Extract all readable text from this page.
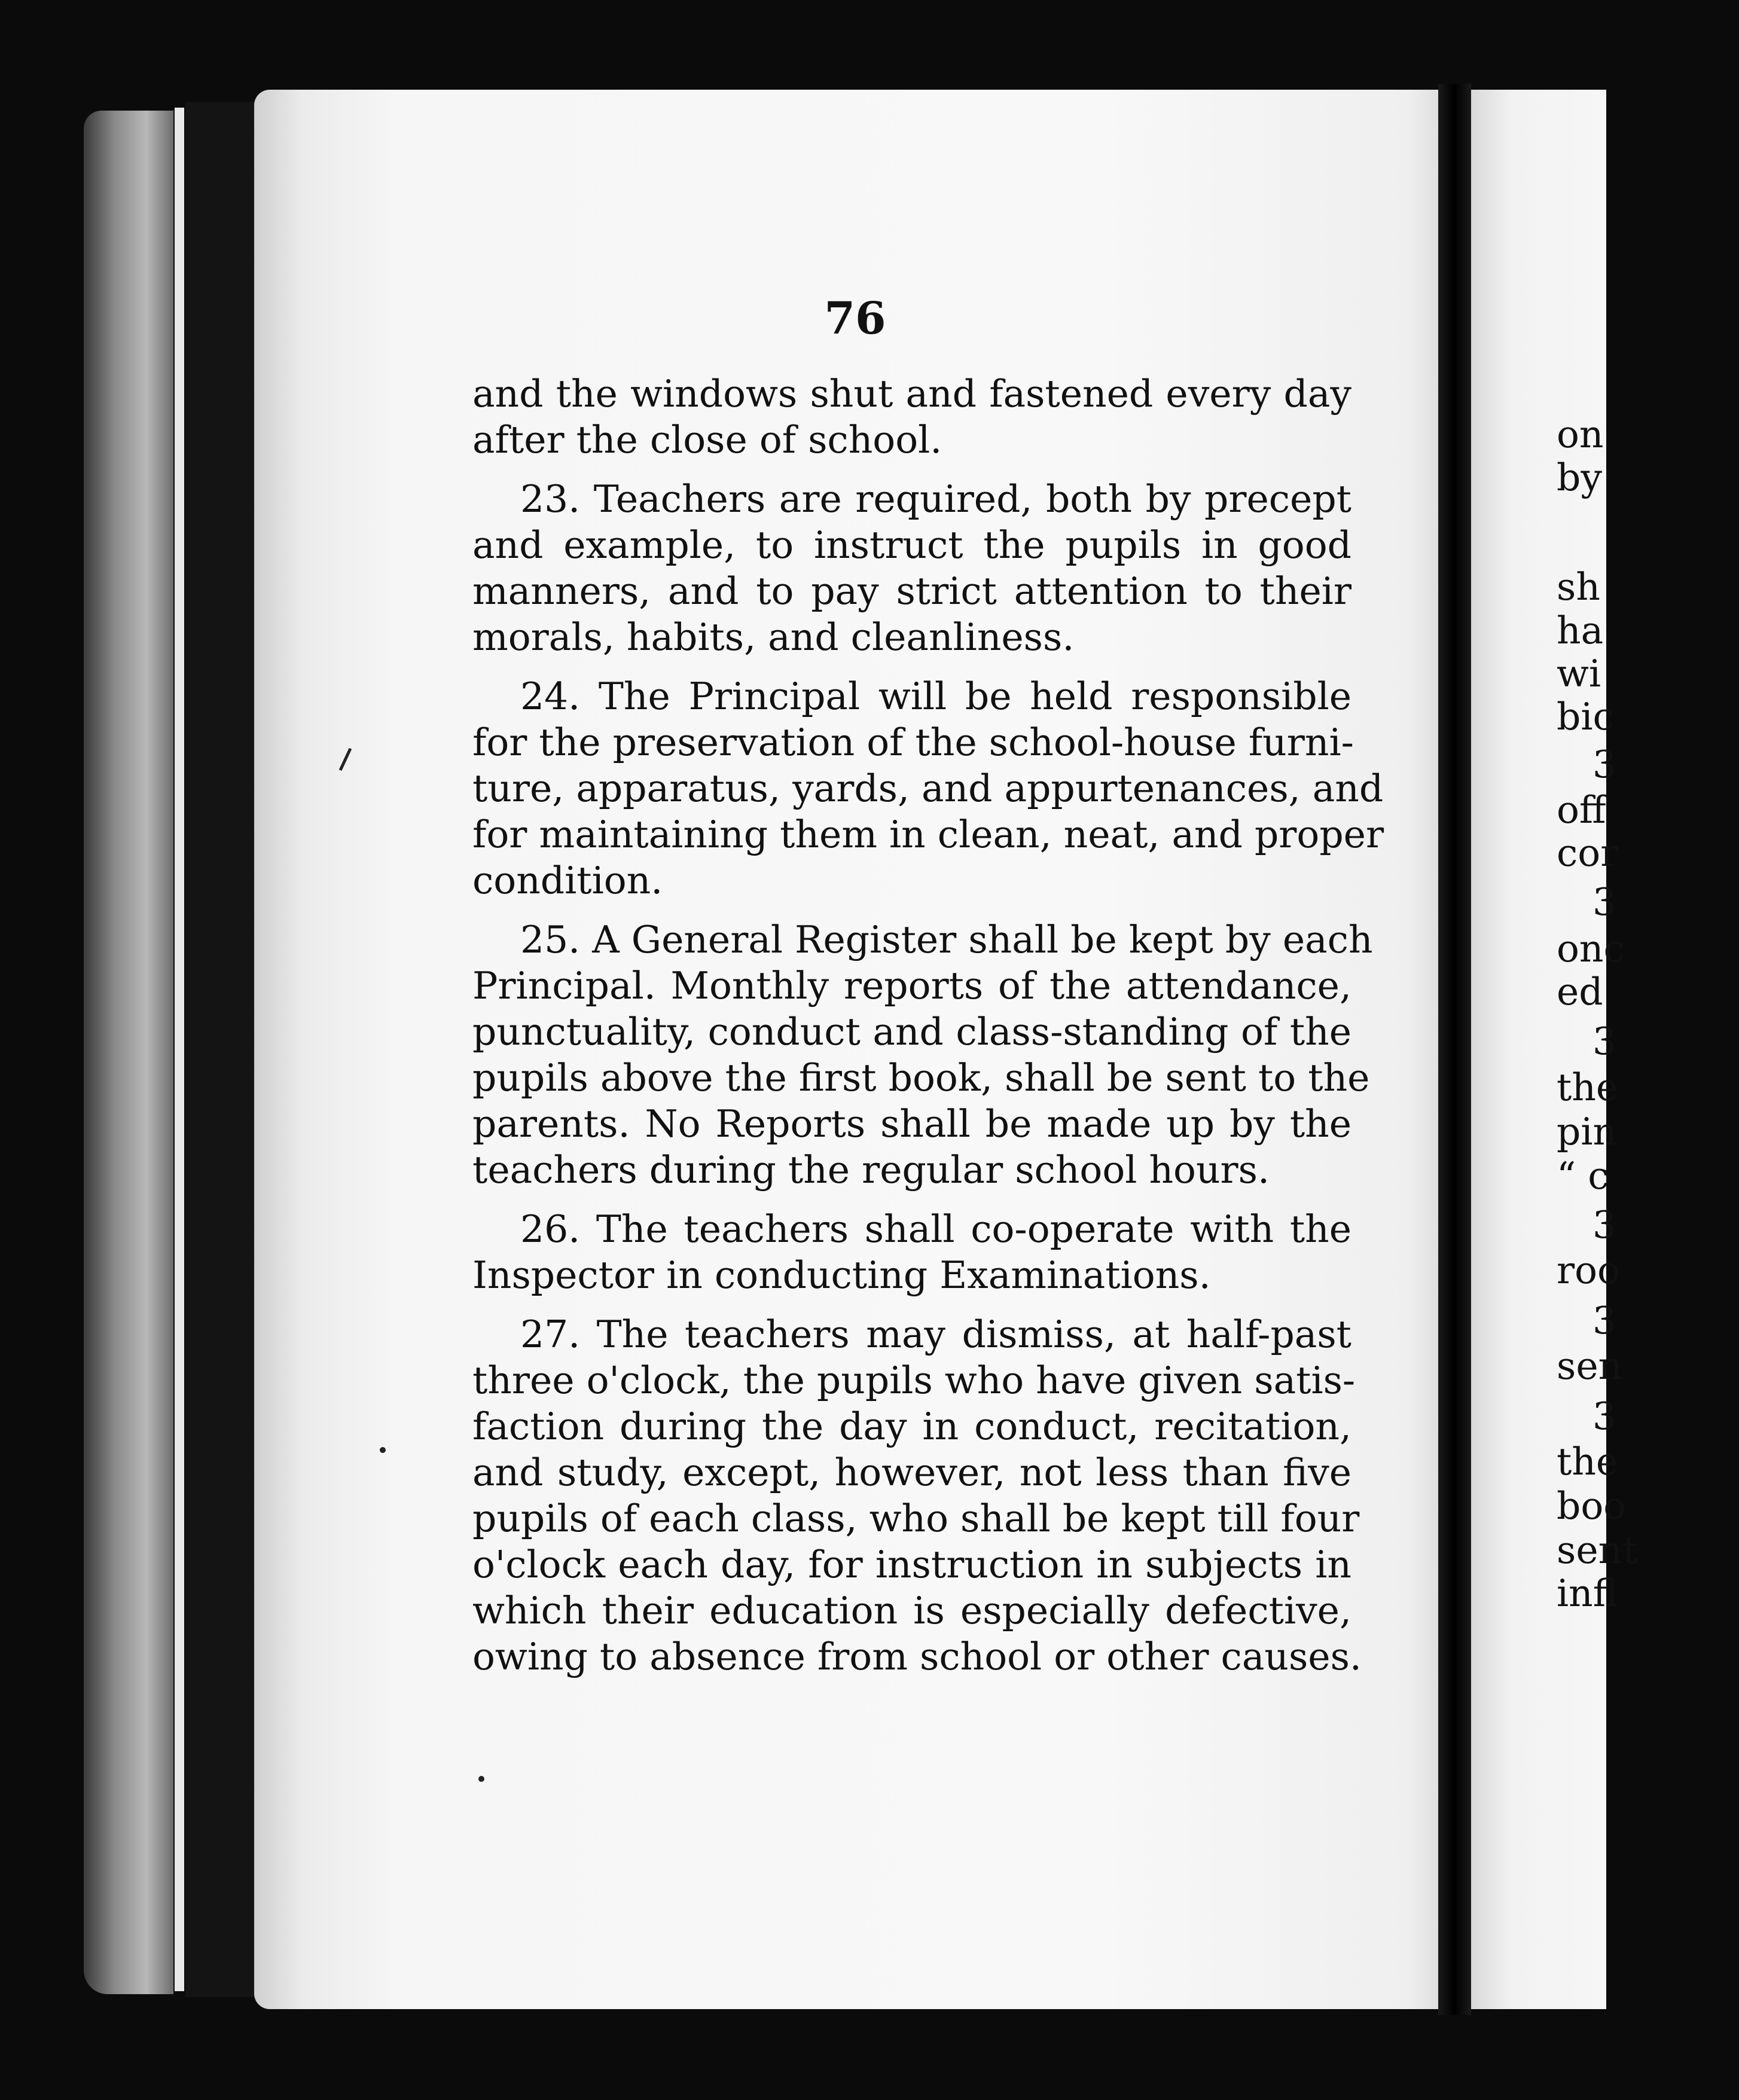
76
and the windows shut and fastened every day
after the close of school.
23. Teachers are required, both by precept
and example, to instruct the pupils in good
manners, and to pay strict attention to their
morals, habits, and cleanliness.
24. The Principal will be held responsible
for the preservation of the school-house furni-
ture, apparatus, yards, and appurtenances, and
for maintaining them in clean, neat, and proper
condition.
25. A General Register shall be kept by each
Principal. Monthly reports of the attendance,
punctuality, conduct and class-standing of the
pupils above the first book, shall be sent to the
parents. No Reports shall be made up by the
teachers during the regular school hours.
26. The teachers shall co-operate with the
Inspector in conducting Examinations.
27. The teachers may dismiss, at half-past
three o'clock, the pupils who have given satis-
faction during the day in conduct, recitation,
and study, except, however, not less than five
pupils of each class, who shall be kept till four
o'clock each day, for instruction in subjects in
which their education is especially defective,
owing to absence from school or other causes.
on
by
sh
ha
wi
bic
3
off
cor
3
onc
ed
3
the
pin
“ c
3
roo
3
sen
3
the
boo
sent
infl
